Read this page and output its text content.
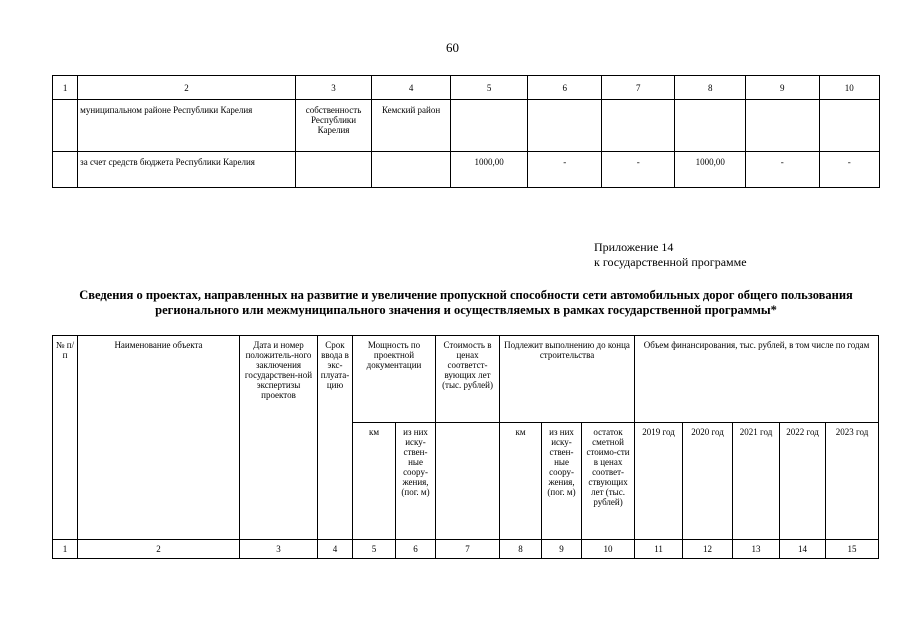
60
1	2	3	4	5	6	7	8	9	10
	муниципальном районе Республики Карелия	собственность Республики Карелия	Кемский район						
	за счет средств бюджета Республики Карелия			1000,00	-	-	1000,00	-	-
Приложение 14
к государственной программе
Сведения о проектах, направленных на развитие и увеличение пропускной способности сети автомобильных дорог общего пользования регионального или межмуниципального значения и осуществляемых в рамках государственной программы*
№ п/п	Наименование объекта	Дата и номер положитель-ного заключения государствен-ной экспертизы проектов	Срок ввода в экс-плуата-цию	Мощность по проектной документации		Стоимость в ценах соответст-вующих лет (тыс. рублей)	Подлежит выполнению до конца строительства			Объем финансирования, тыс. рублей, в том числе по годам				
				км	из них иску-ствен-ные соору-жения, (пог. м)		км	из них иску-ствен-ные соору-жения, (пог. м)	остаток сметной стоимо-сти в ценах соответ-ствующих лет (тыс. рублей)	2019 год	2020 год	2021 год	2022 год	2023 год
1	2	3	4	5	6	7	8	9	10	11	12	13	14	15
